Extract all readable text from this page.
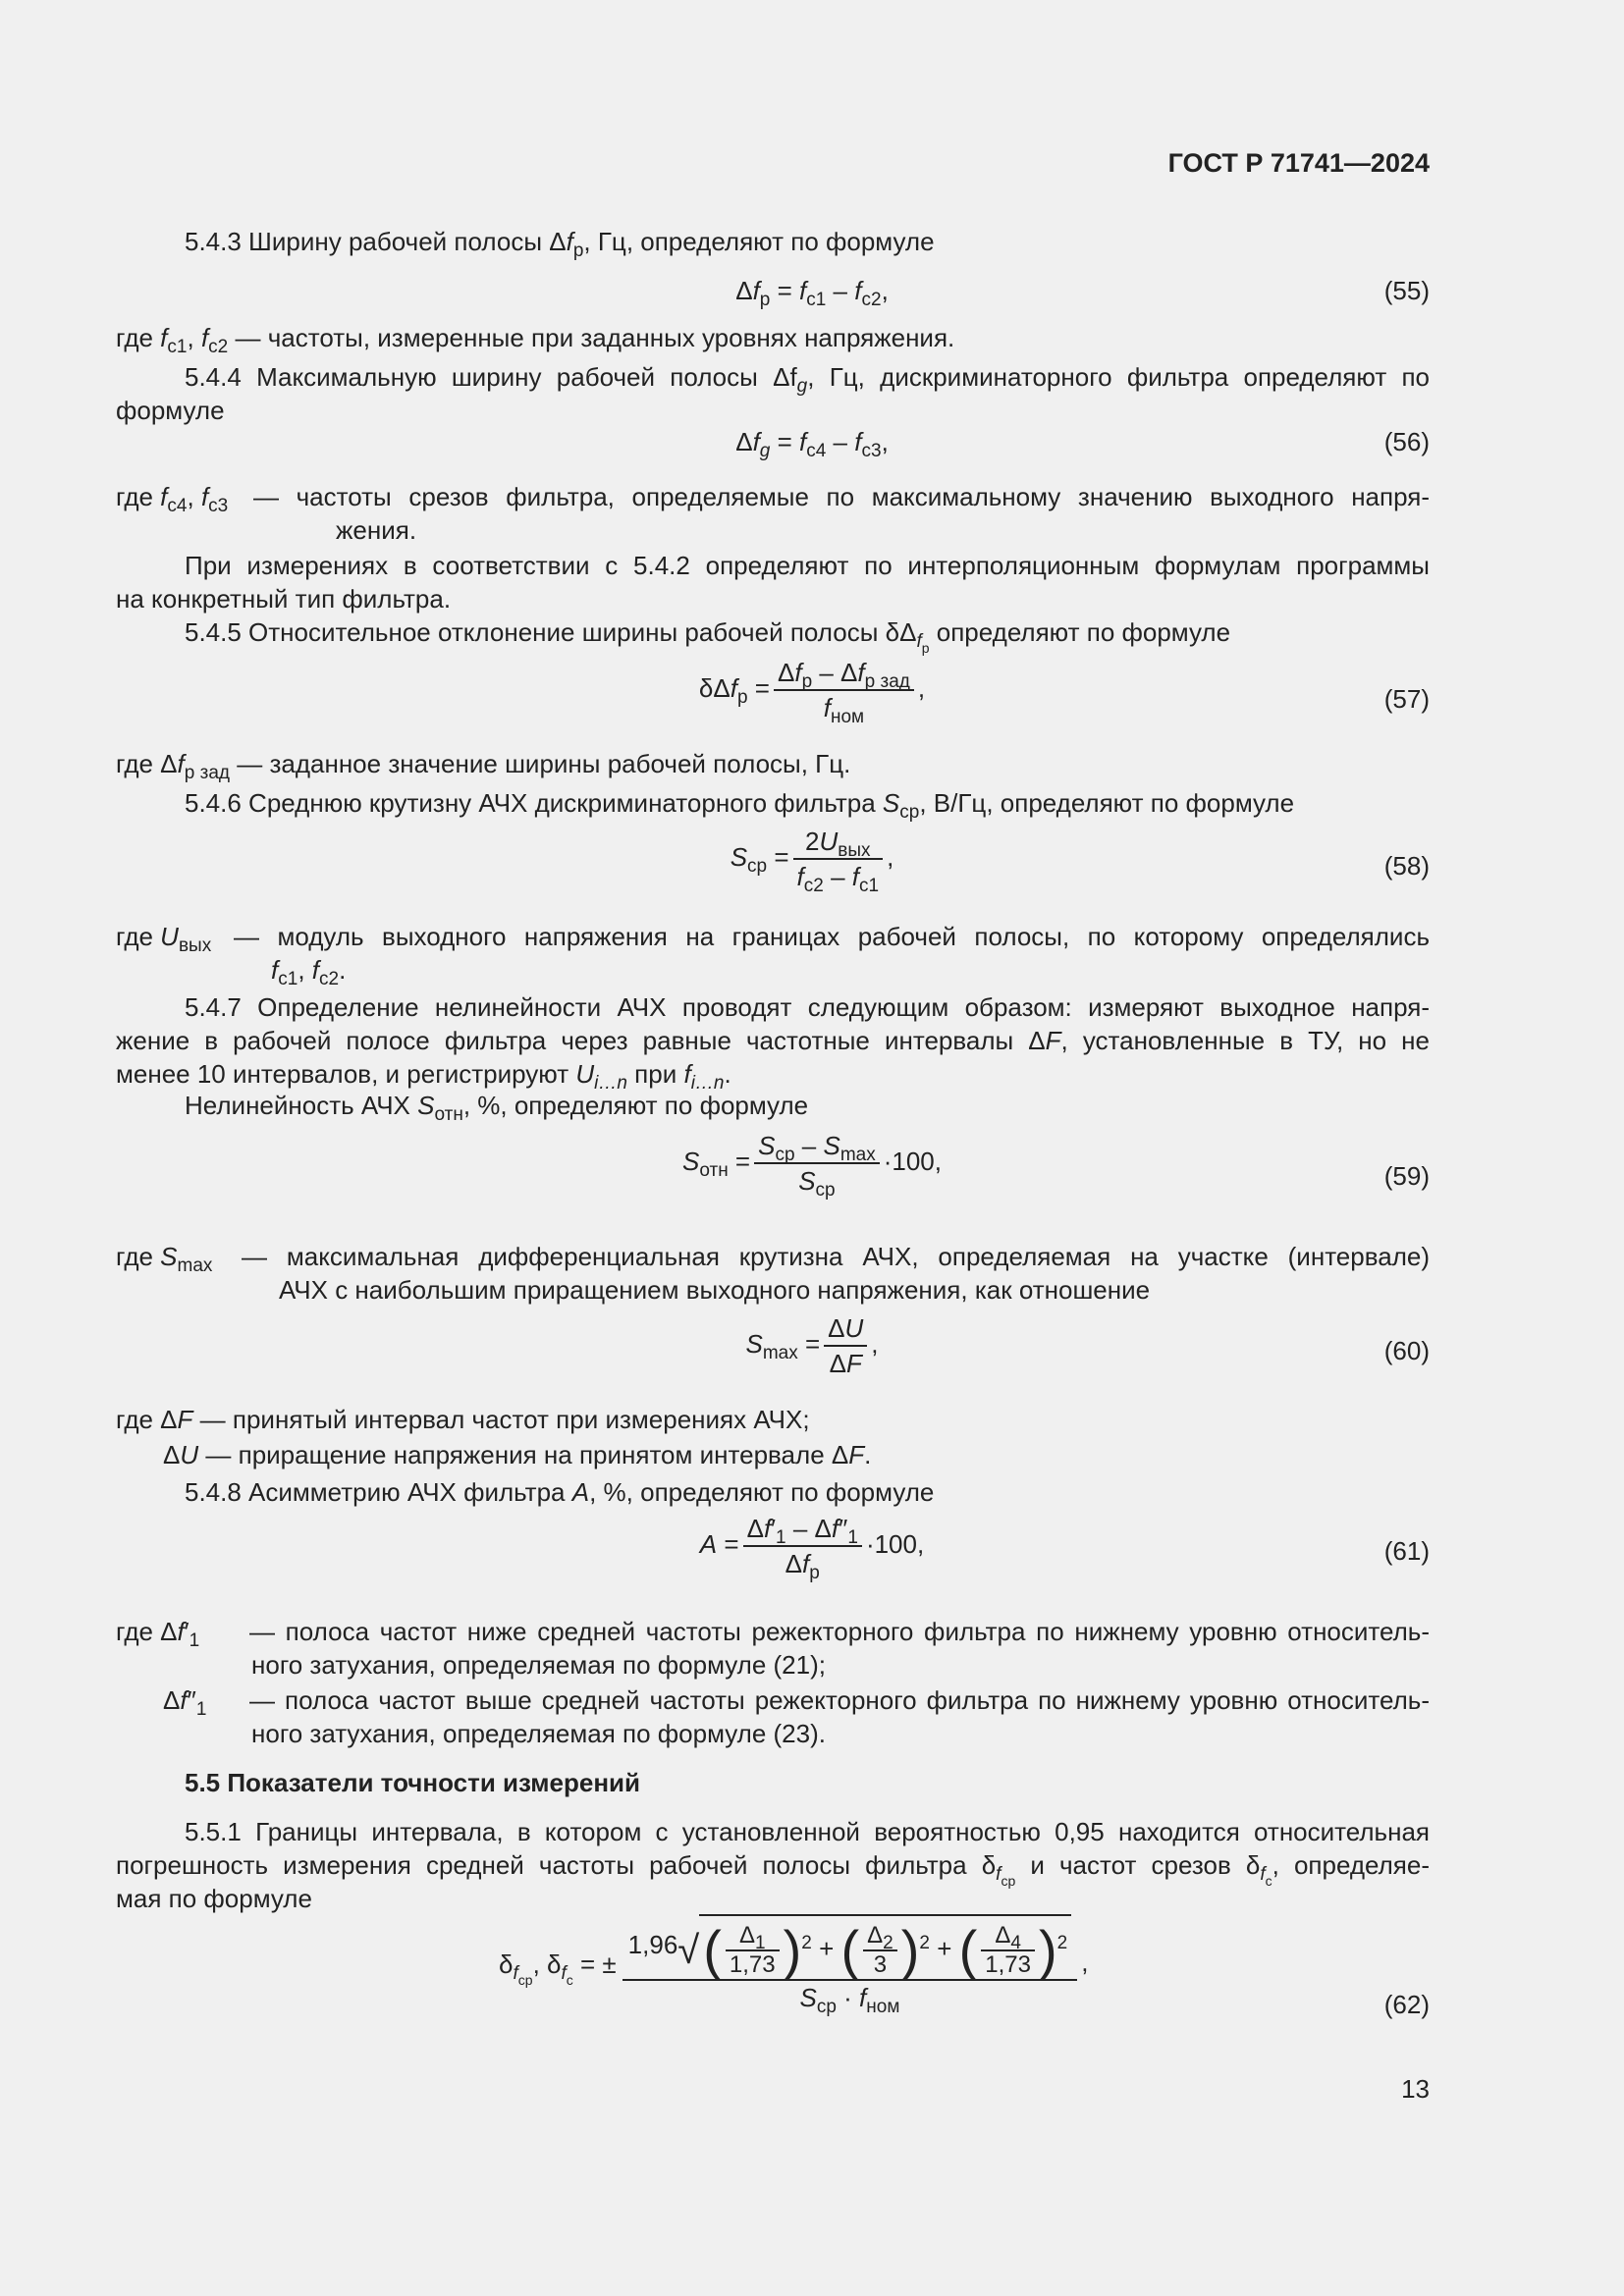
ГОСТ Р 71741—2024
5.4.3 Ширину рабочей полосы $\Delta f_р$, Гц, определяют по формуле
$\Delta f_р = f_{c1} - f_{c2}$,	(55)
где $f_{c1}$, $f_{c2}$ — частоты, измеренные при заданных уровнях напряжения.
5.4.4 Максимальную ширину рабочей полосы $\Delta f_g$, Гц, дискриминаторного фильтра определяют по
формуле
$\Delta f_g = f_{c4} - f_{c3}$,	(56)
где $f_{c4}$, $f_{c3}$ — частоты срезов фильтра, определяемые по максимальному значению выходного напря-
жения.
При измерениях в соответствии с 5.4.2 определяют по интерполяционным формулам программы
на конкретный тип фильтра.
5.4.5 Относительное отклонение ширины рабочей полосы $\delta\Delta_{f_р}$ определяют по формуле
$\delta\Delta f_р = \frac{\Delta f_р - \Delta f_{р зад}}{f_{ном}}$ ,	(57)
где $\Delta f_{р зад}$ — заданное значение ширины рабочей полосы, Гц.
5.4.6 Среднюю крутизну АЧХ дискриминаторного фильтра $S_{ср}$, В/Гц, определяют по формуле
$S_{ср} = \frac{2U_{вых}}{f_{c2} - f_{c1}}$ ,	(58)
где $U_{вых}$ — модуль выходного напряжения на границах рабочей полосы, по которому определялись
$f_{c1}$, $f_{c2}$.
5.4.7 Определение нелинейности АЧХ проводят следующим образом: измеряют выходное напря-
жение в рабочей полосе фильтра через равные частотные интервалы ΔF, установленные в ТУ, но не
менее 10 интервалов, и регистрируют $U_{i\dots n}$ при $f_{i\dots n}$.
Нелинейность АЧХ $S_{отн}$, %, определяют по формуле
$S_{отн} = \frac{S_{ср} - S_{max}}{S_{ср}} \cdot 100$,
(59)
где $S_{max}$ — максимальная дифференциальная крутизна АЧХ, определяемая на участке (интервале)
АЧХ с наибольшим приращением выходного напряжения, как отношение
$S_{max} = \frac{\Delta U}{\Delta F}$ ,	(60)
где ΔF — принятый интервал частот при измерениях АЧХ;
ΔU — приращение напряжения на принятом интервале ΔF.
5.4.8 Асимметрию АЧХ фильтра A, %, определяют по формуле
$A = \frac{\Delta f'_1 - \Delta f''_1}{\Delta f_р} \cdot 100$,	(61)
где $\Delta f'_1$ — полоса частот ниже средней частоты режекторного фильтра по нижнему уровню относитель-
ного затухания, определяемая по формуле (21);
$\Delta f''_1$ — полоса частот выше средней частоты режекторного фильтра по нижнему уровню относитель-
ного затухания, определяемая по формуле (23).
5.5 Показатели точности измерений
5.5.1 Границы интервала, в котором с установленной вероятностью 0,95 находится относительная
погрешность измерения средней частоты рабочей полосы фильтра $\delta_{f_{ср}}$ и частот срезов $\delta_{f_с}$, определяе-
мая по формуле
$\delta_{f_{ср}}$, $\delta_{f_с}$ = ±
$1,96√( \frac{\Delta_1}{1,73} )^2$ + ( $\frac{\Delta_2}{3} )^2$ + ( $\frac{\Delta_4}{1,73} )^2$
$S_{ср} \cdot f_{ном}$
,
(62)
13
